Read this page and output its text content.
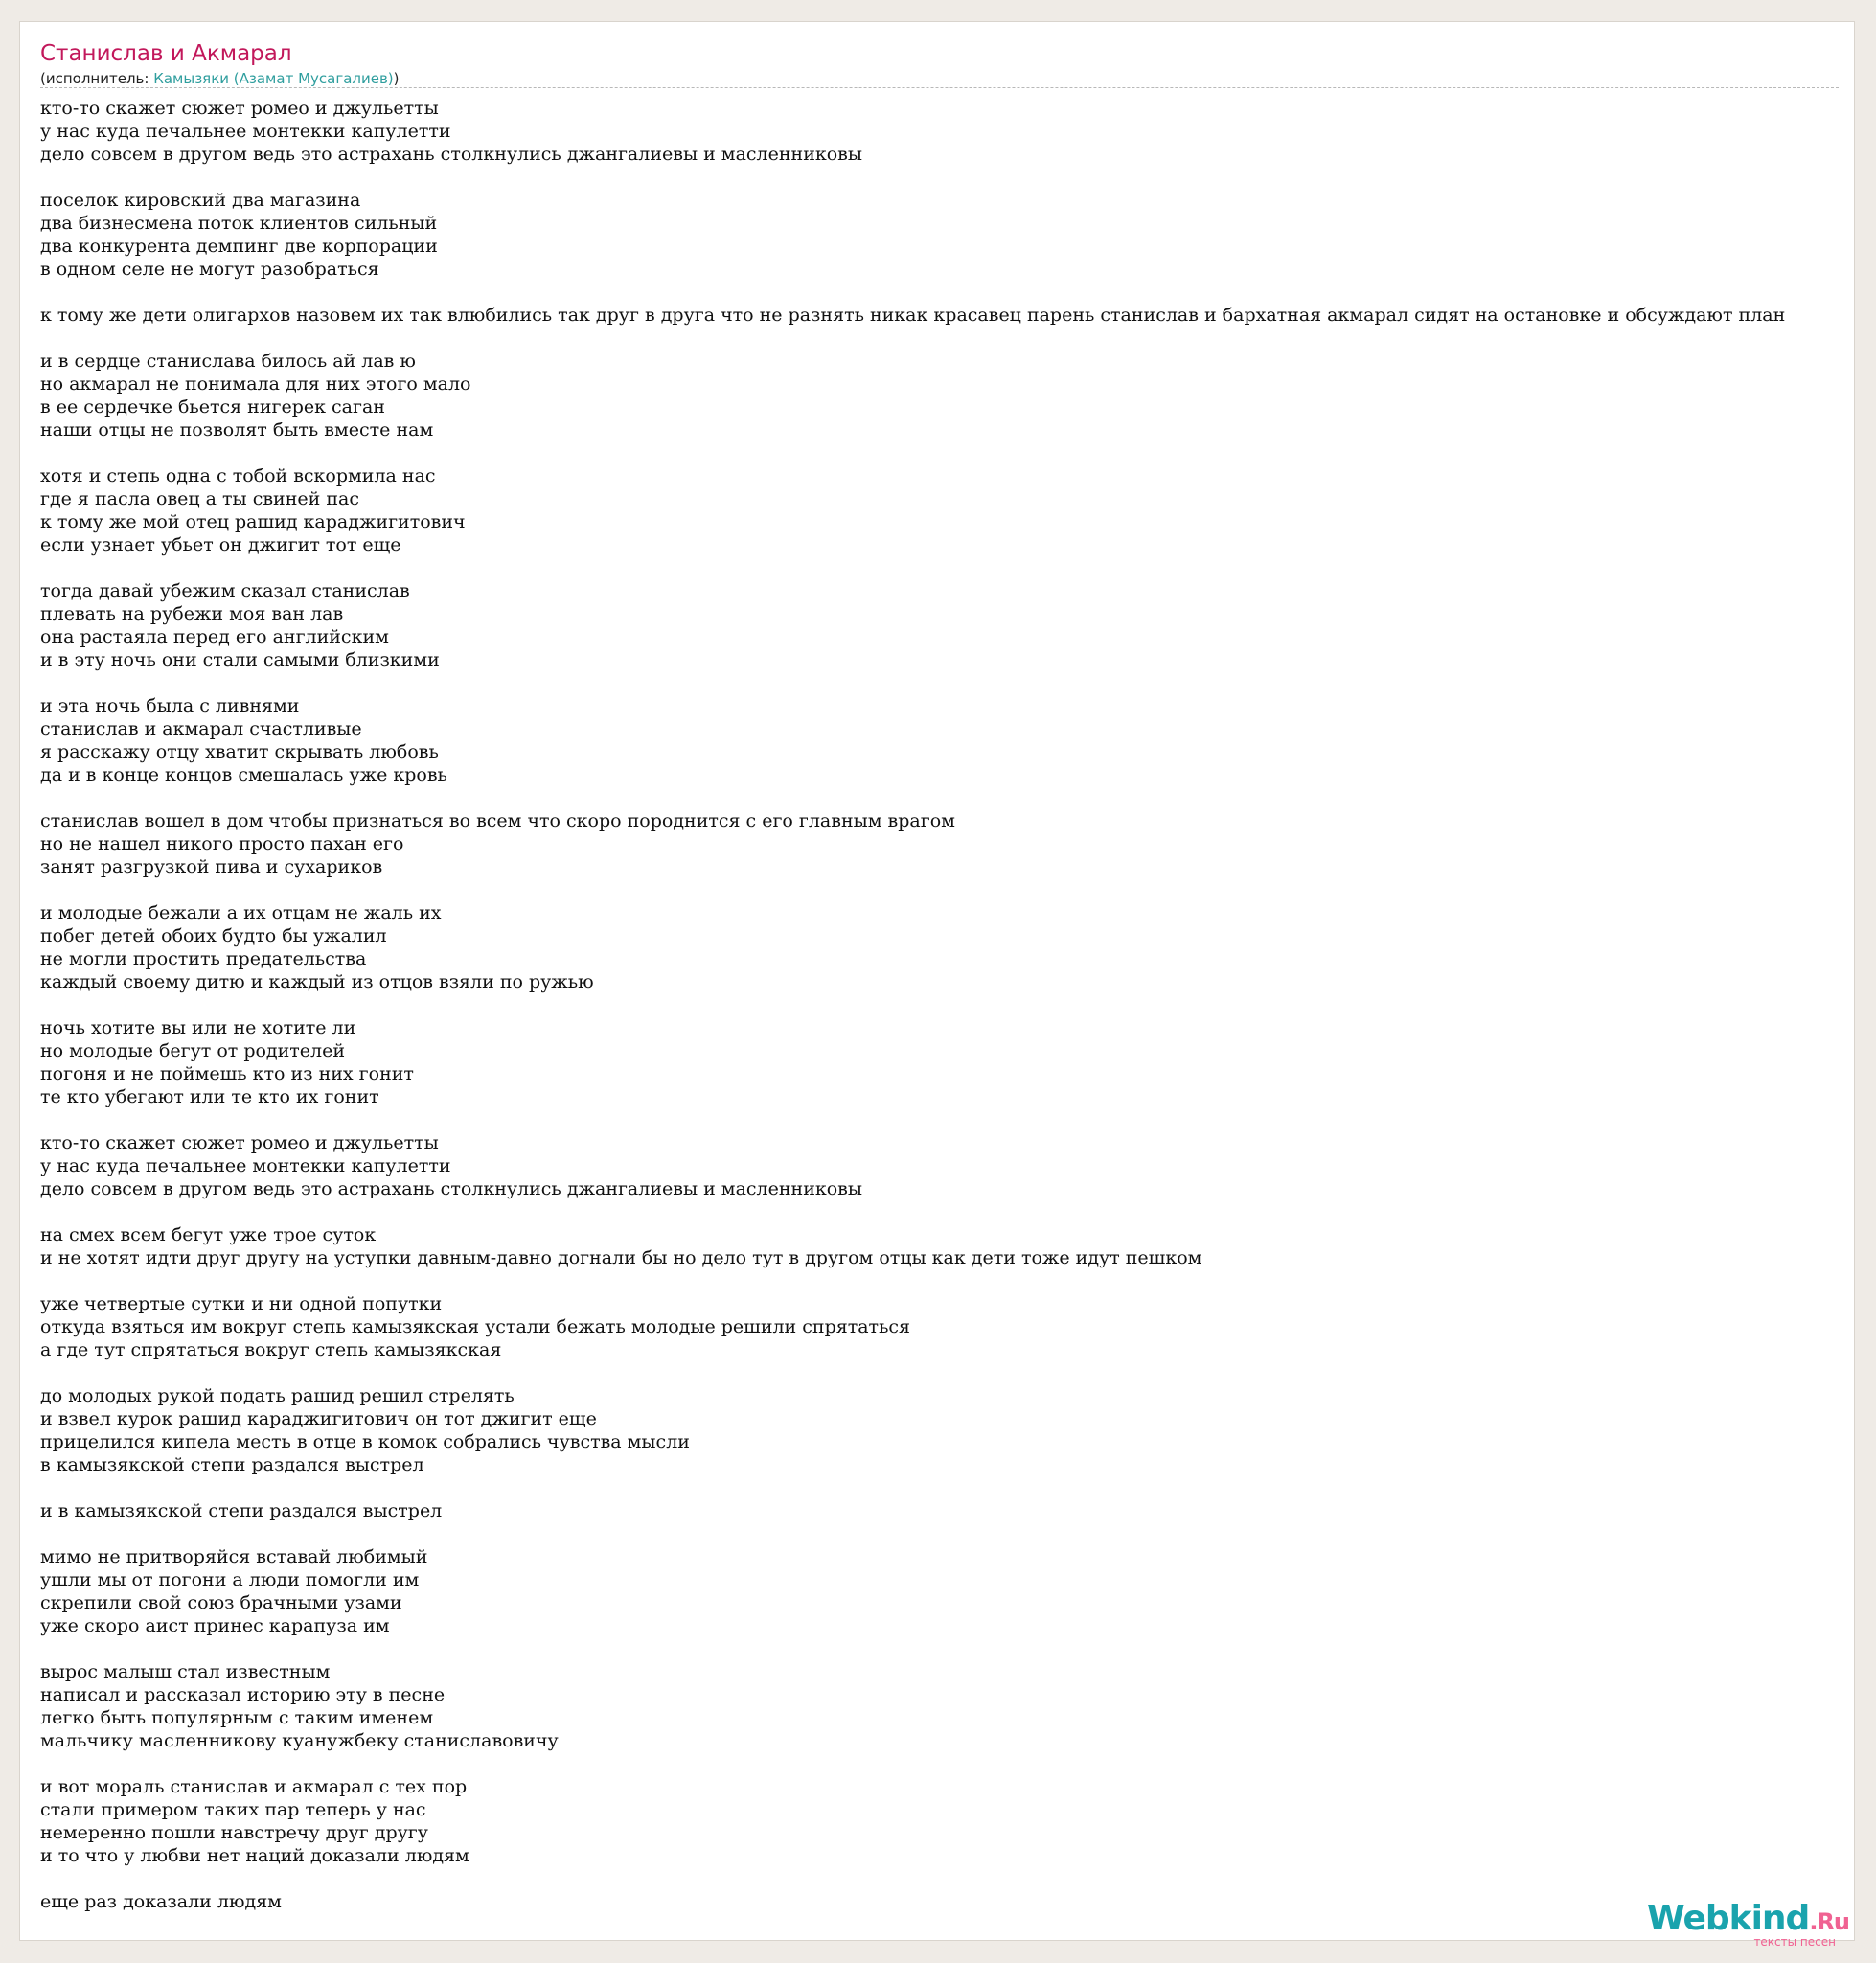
Станислав и Акмарал
(исполнитель: Камызяки (Азамат Мусагалиев))
кто-то скажет сюжет ромео и джульетты
у нас куда печальнее монтекки капулетти
дело совсем в другом ведь это астрахань столкнулись джангалиевы и масленниковы
поселок кировский два магазина
два бизнесмена поток клиентов сильный
два конкурента демпинг две корпорации
в одном селе не могут разобраться
к тому же дети олигархов назовем их так влюбились так друг в друга что не разнять никак красавец парень станислав и бархатная акмарал сидят на остановке и обсуждают план
и в сердце станислава билось ай лав ю
но акмарал не понимала для них этого мало
в ее сердечке бьется нигерек саган
наши отцы не позволят быть вместе нам
хотя и степь одна с тобой вскормила нас
где я пасла овец а ты свиней пас
к тому же мой отец рашид караджигитович
если узнает убьет он джигит тот еще
тогда давай убежим сказал станислав
плевать на рубежи моя ван лав
она растаяла перед его английским
и в эту ночь они стали самыми близкими
и эта ночь была с ливнями
станислав и акмарал счастливые
я расскажу отцу хватит скрывать любовь
да и в конце концов смешалась уже кровь
станислав вошел в дом чтобы признаться во всем что скоро породнится с его главным врагом
но не нашел никого просто пахан его
занят разгрузкой пива и сухариков
и молодые бежали а их отцам не жаль их
побег детей обоих будто бы ужалил
не могли простить предательства
каждый своему дитю и каждый из отцов взяли по ружью
ночь хотите вы или не хотите ли
но молодые бегут от родителей
погоня и не поймешь кто из них гонит
те кто убегают или те кто их гонит
кто-то скажет сюжет ромео и джульетты
у нас куда печальнее монтекки капулетти
дело совсем в другом ведь это астрахань столкнулись джангалиевы и масленниковы
на смех всем бегут уже трое суток
и не хотят идти друг другу на уступки давным-давно догнали бы но дело тут в другом отцы как дети тоже идут пешком
уже четвертые сутки и ни одной попутки
откуда взяться им вокруг степь камызякская устали бежать молодые решили спрятаться
а где тут спрятаться вокруг степь камызякская
до молодых рукой подать рашид решил стрелять
и взвел курок рашид караджигитович он тот джигит еще
прицелился кипела месть в отце в комок собрались чувства мысли
в камызякской степи раздался выстрел
и в камызякской степи раздался выстрел
мимо не притворяйся вставай любимый
ушли мы от погони а люди помогли им
скрепили свой союз брачными узами
уже скоро аист принес карапуза им
вырос малыш стал известным
написал и рассказал историю эту в песне
легко быть популярным с таким именем
мальчику масленникову куанужбеку станиславовичу
и вот мораль станислав и акмарал с тех пор
стали примером таких пар теперь у нас
немеренно пошли навстречу друг другу
и то что у любви нет наций доказали людям
еще раз доказали людям	Webkind.Ru
тексты песен
